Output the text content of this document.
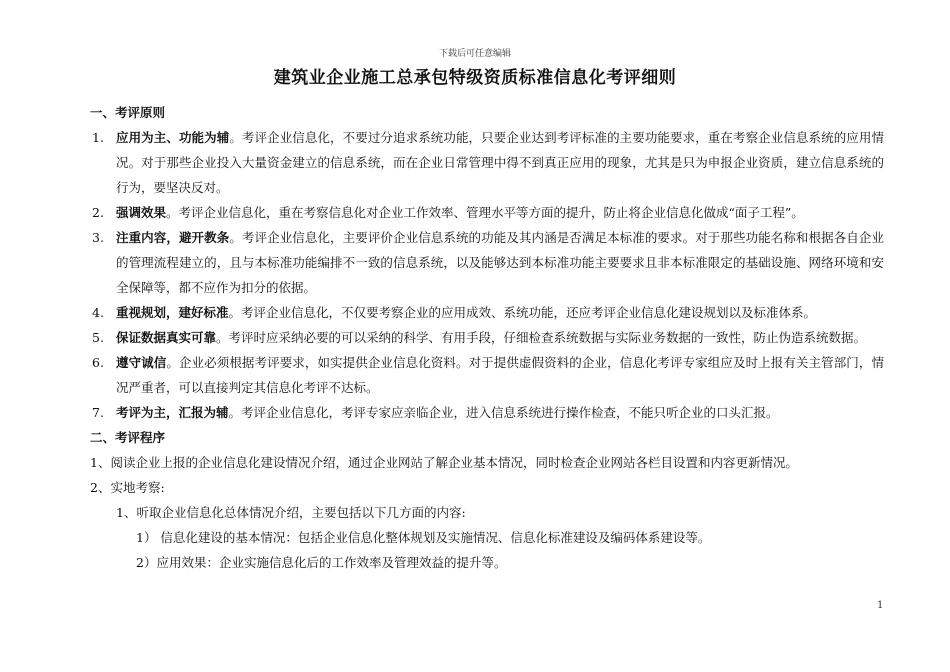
下载后可任意编辑
建筑业企业施工总承包特级资质标准信息化考评细则
一、考评原则
1. 应用为主、功能为辅。考评企业信息化，不要过分追求系统功能，只要企业达到考评标准的主要功能要求，重在考察企业信息系统的应用情况。对于那些企业投入大量资金建立的信息系统，而在企业日常管理中得不到真正应用的现象，尤其是只为申报企业资质，建立信息系统的行为，要坚决反对。
2. 强调效果。考评企业信息化，重在考察信息化对企业工作效率、管理水平等方面的提升，防止将企业信息化做成“面子工程”。
3. 注重内容，避开教条。考评企业信息化，主要评价企业信息系统的功能及其内涵是否满足本标准的要求。对于那些功能名称和根据各自企业的管理流程建立的，且与本标准功能编排不一致的信息系统，以及能够达到本标准功能主要要求且非本标准限定的基础设施、网络环境和安全保障等，都不应作为扣分的依据。
4. 重视规划，建好标准。考评企业信息化，不仅要考察企业的应用成效、系统功能，还应考评企业信息化建设规划以及标准体系。
5. 保证数据真实可靠。考评时应采纳必要的可以采纳的科学、有用手段，仔细检查系统数据与实际业务数据的一致性，防止伪造系统数据。
6. 遵守诚信。企业必须根据考评要求，如实提供企业信息化资料。对于提供虚假资料的企业，信息化考评专家组应及时上报有关主管部门，情况严重者，可以直接判定其信息化考评不达标。
7. 考评为主，汇报为辅。考评企业信息化，考评专家应亲临企业，进入信息系统进行操作检查，不能只听企业的口头汇报。
二、考评程序
1、阅读企业上报的企业信息化建设情况介绍，通过企业网站了解企业基本情况，同时检查企业网站各栏目设置和内容更新情况。
2、实地考察:
1、听取企业信息化总体情况介绍，主要包括以下几方面的内容:
1） 信息化建设的基本情况：包括企业信息化整体规划及实施情况、信息化标准建设及编码体系建设等。
2）应用效果：企业实施信息化后的工作效率及管理效益的提升等。
1
